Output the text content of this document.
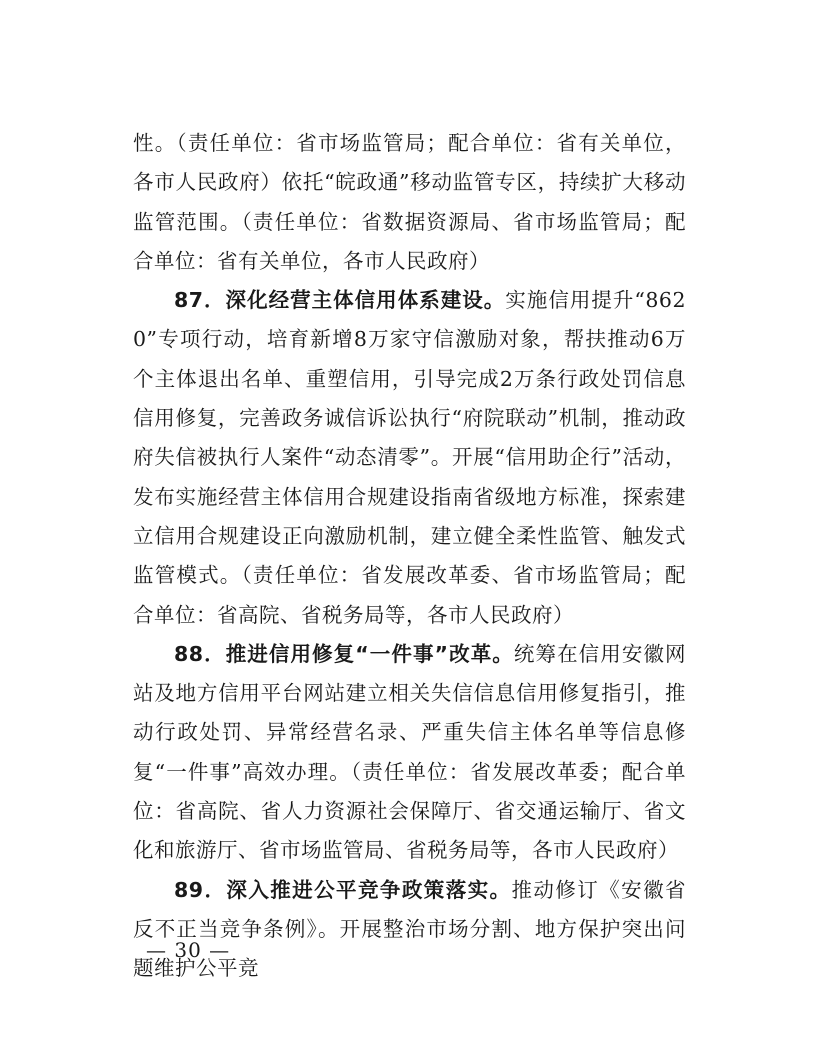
性。（责任单位：省市场监管局；配合单位：省有关单位，各市人民政府）依托“皖政通”移动监管专区，持续扩大移动监管范围。（责任单位：省数据资源局、省市场监管局；配合单位：省有关单位，各市人民政府）

87．深化经营主体信用体系建设。实施信用提升“8620”专项行动，培育新增8万家守信激励对象，帮扶推动6万个主体退出名单、重塑信用，引导完成2万条行政处罚信息信用修复，完善政务诚信诉讼执行“府院联动”机制，推动政府失信被执行人案件“动态清零”。开展“信用助企行”活动，发布实施经营主体信用合规建设指南省级地方标准，探索建立信用合规建设正向激励机制，建立健全柔性监管、触发式监管模式。（责任单位：省发展改革委、省市场监管局；配合单位：省高院、省税务局等，各市人民政府）

88．推进信用修复“一件事”改革。统筹在信用安徽网站及地方信用平台网站建立相关失信信息信用修复指引，推动行政处罚、异常经营名录、严重失信主体名单等信息修复“一件事”高效办理。（责任单位：省发展改革委；配合单位：省高院、省人力资源社会保障厅、省交通运输厅、省文化和旅游厅、省市场监管局、省税务局等，各市人民政府）

89．深入推进公平竞争政策落实。推动修订《安徽省反不正当竞争条例》。开展整治市场分割、地方保护突出问题维护公平竞

— 30 —
